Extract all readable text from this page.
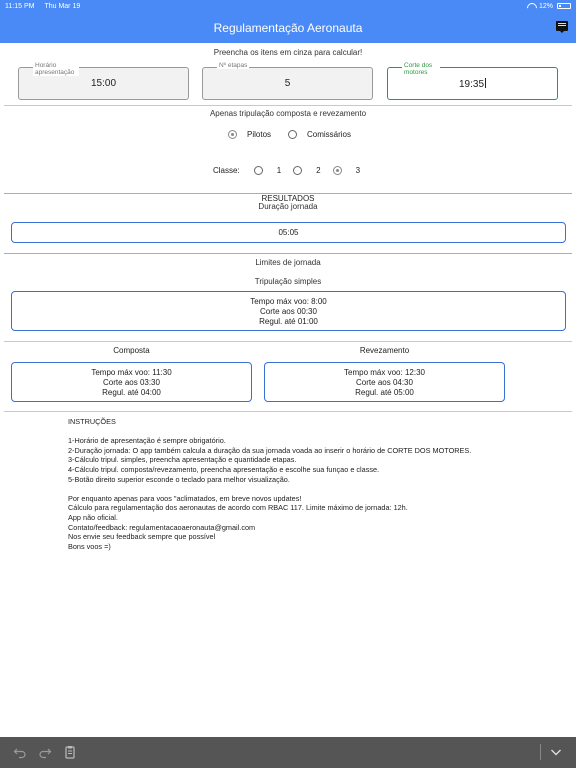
11:15 PM Thu Mar 19	12%
Regulamentação Aeronauta
Preencha os itens em cinza para calcular!
Horário apresentação
15:00
Nº etapas
5
Corte dos motores
19:35
Apenas tripulação composta e revezamento
Pilotos	Comissários
Classe:	1	2	3
RESULTADOS
Duração jornada
05:05
Limites de jornada
Tripulação simples
Tempo máx voo: 8:00
Corte aos 00:30
Regul. até 01:00
Composta	Revezamento
Tempo máx voo: 11:30
Corte aos 03:30
Regul. até 04:00
Tempo máx voo: 12:30
Corte aos 04:30
Regul. até 05:00
INSTRUÇÕES
1-Horário de apresentação é sempre obrigatório.
2-Duração jornada: O app também calcula a duração da sua jornada voada ao inserir o horário de CORTE DOS MOTORES.
3-Cálculo tripul. simples, preencha apresentação e quantidade etapas.
4-Cálculo tripul. composta/revezamento, preencha apresentação e escolhe sua funçao e classe.
5-Botão direito superior esconde o teclado para melhor visualização.
Por enquanto apenas para voos "aclimatados, em breve novos updates!
Cálculo para regulamentação dos aeronautas de acordo com RBAC 117. Limite máximo de jornada: 12h.
App não oficial.
Contato/feedback: regulamentacaoaeronauta@gmail.com
Nos envie seu feedback sempre que possível
Bons voos =)
